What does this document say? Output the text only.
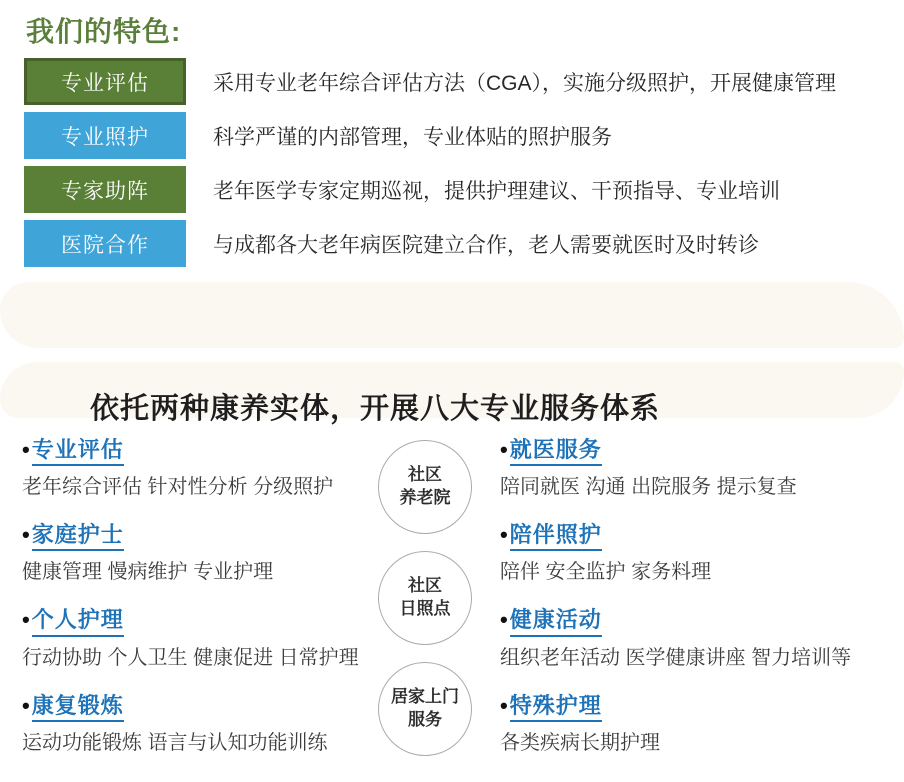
我们的特色:
专业评估	采用专业老年综合评估方法（CGA），实施分级照护，开展健康管理
专业照护	科学严谨的内部管理，专业体贴的照护服务
专家助阵	老年医学专家定期巡视，提供护理建议、干预指导、专业培训
医院合作	与成都各大老年病医院建立合作，老人需要就医时及时转诊
依托两种康养实体，开展八大专业服务体系
• 专业评估
老年综合评估 针对性分析 分级照护
• 家庭护士
健康管理 慢病维护 专业护理
• 个人护理
行动协助 个人卫生 健康促进 日常护理
• 康复锻炼
运动功能锻炼 语言与认知功能训练
社区
养老院
社区
日照点
居家上门
服务
• 就医服务
陪同就医 沟通 出院服务 提示复查
• 陪伴照护
陪伴 安全监护 家务料理
• 健康活动
组织老年活动 医学健康讲座 智力培训等
• 特殊护理
各类疾病长期护理
